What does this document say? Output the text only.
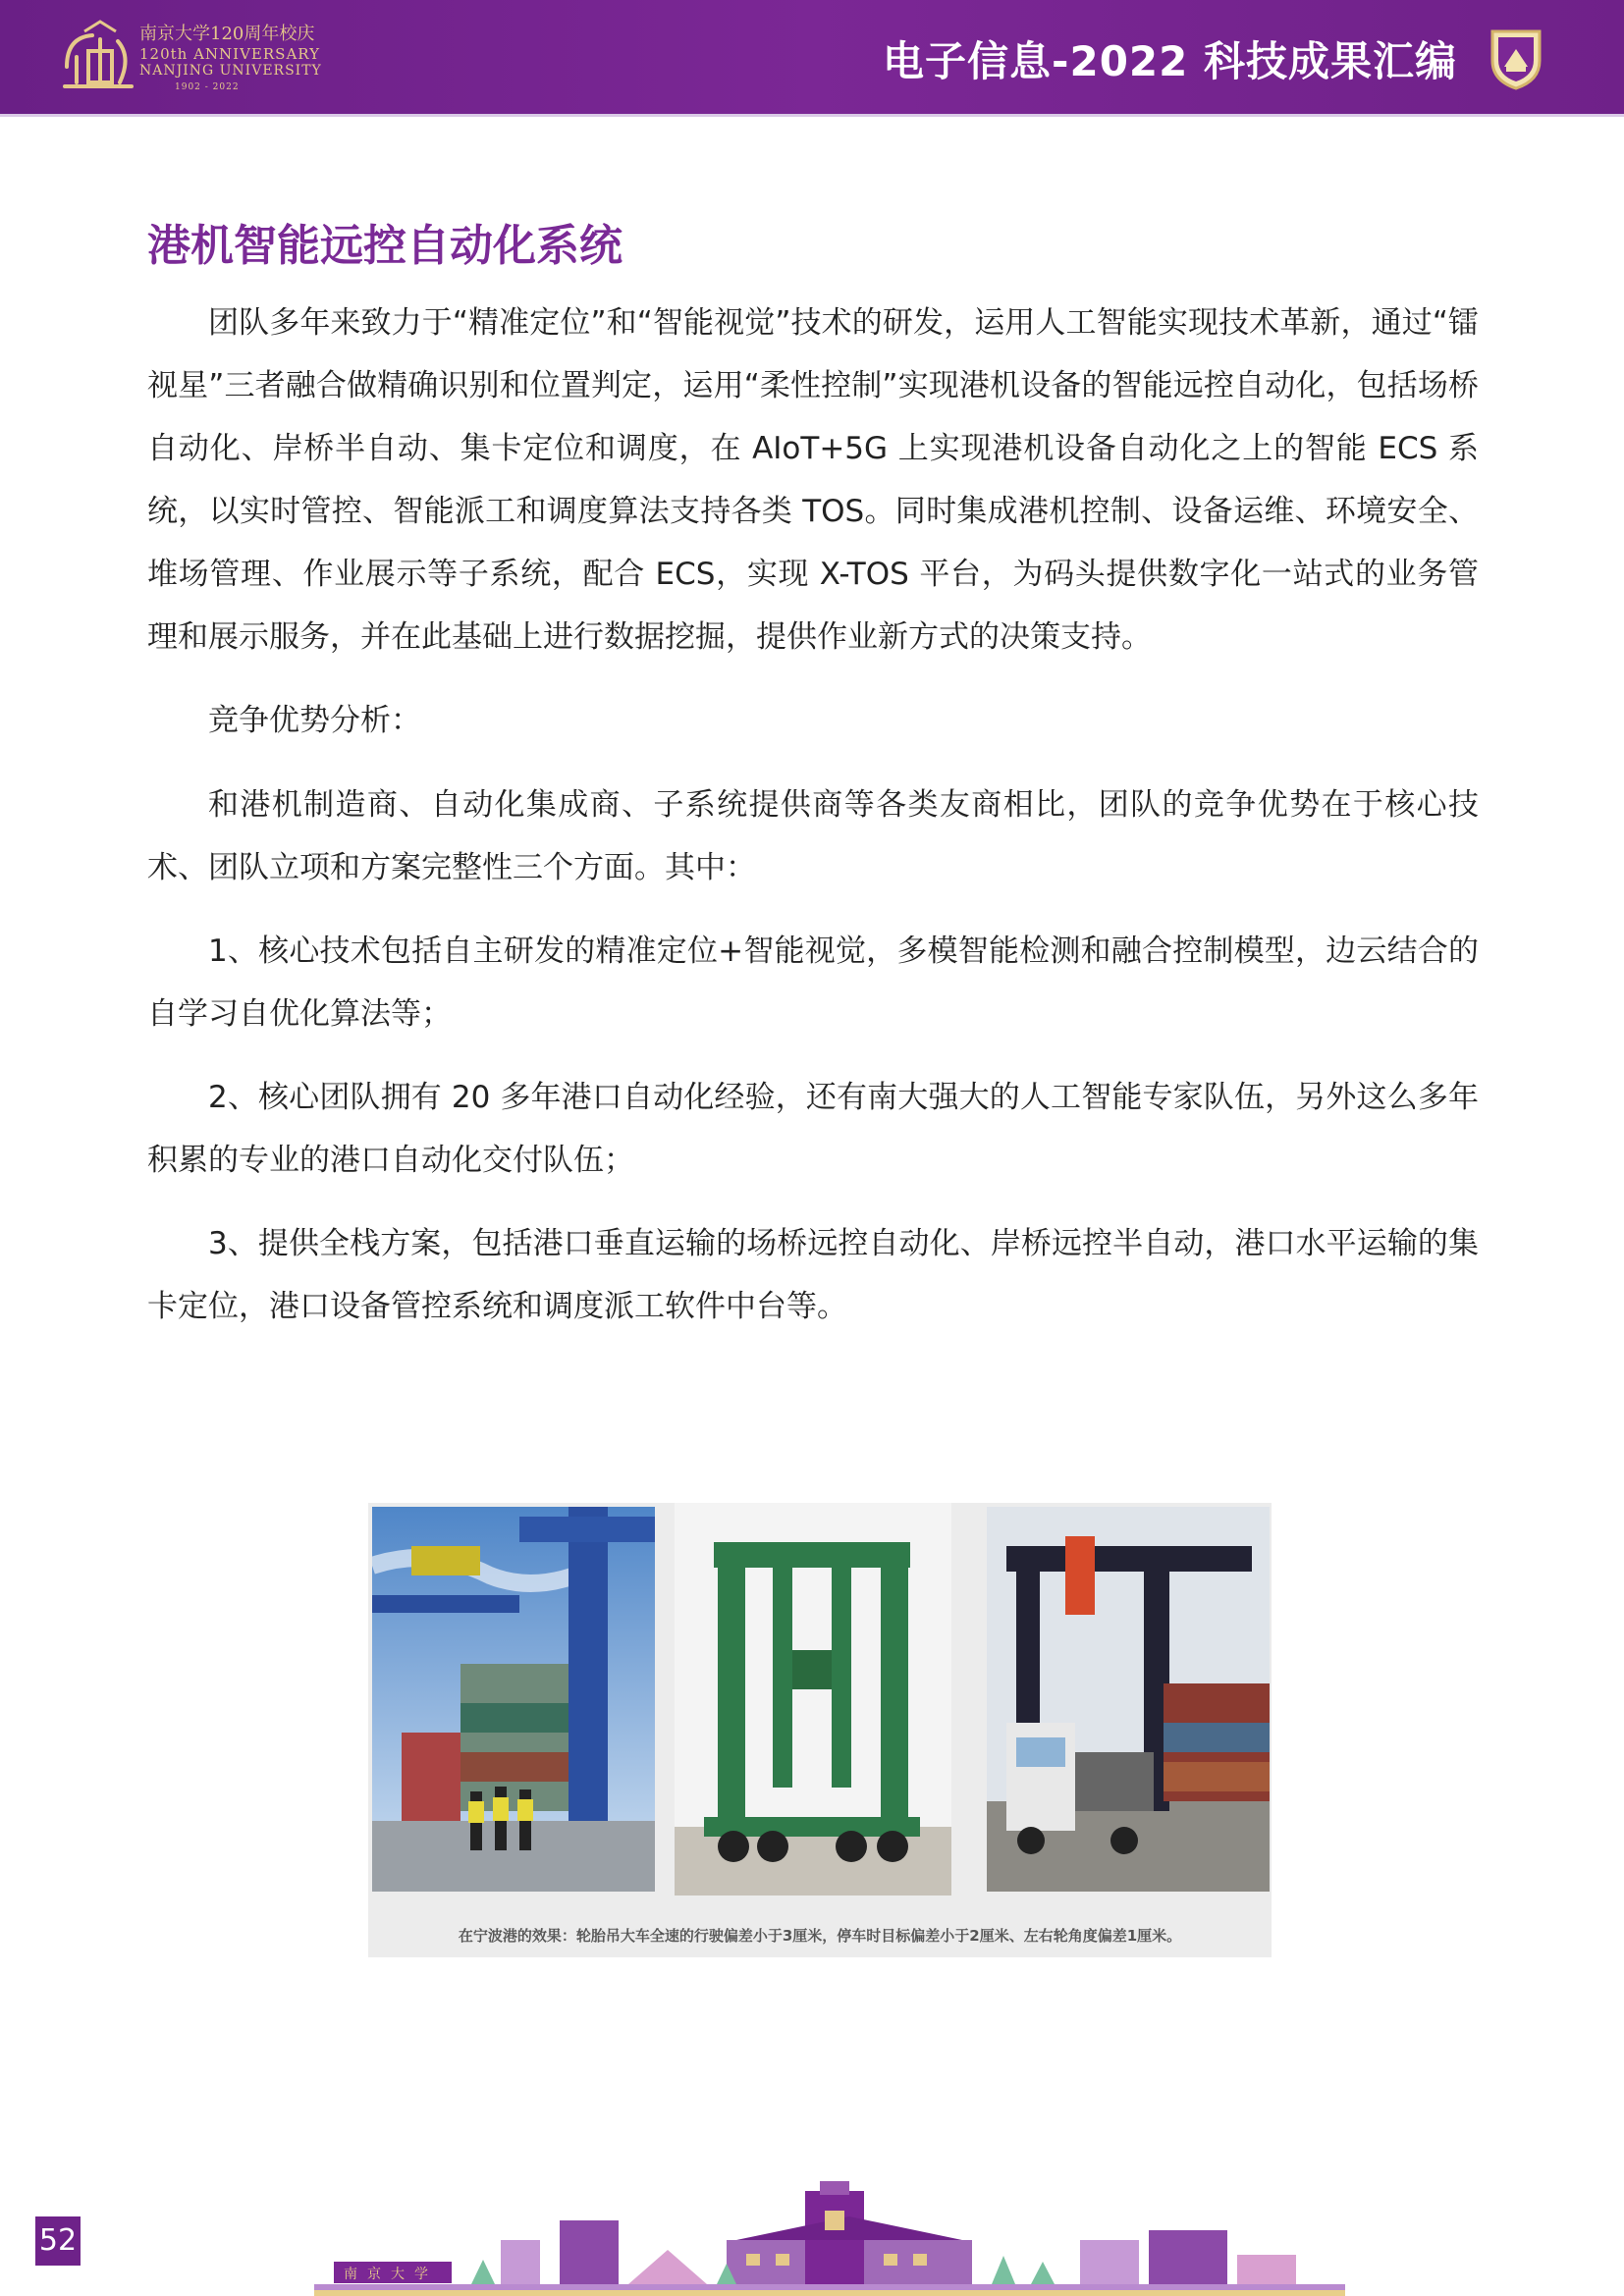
南京大学120周年校庆
120th ANNIVERSARY
NANJING UNIVERSITY
1902 - 2022
电子信息-2022 科技成果汇编
港机智能远控自动化系统

团队多年来致力于“精准定位”和“智能视觉”技术的研发，运用人工智能实现技术革新，通过“镭视星”三者融合做精确识别和位置判定，运用“柔性控制”实现港机设备的智能远控自动化，包括场桥自动化、岸桥半自动、集卡定位和调度，在 AIoT+5G 上实现港机设备自动化之上的智能 ECS 系统，以实时管控、智能派工和调度算法支持各类 TOS。同时集成港机控制、设备运维、环境安全、堆场管理、作业展示等子系统，配合 ECS，实现 X-TOS 平台，为码头提供数字化一站式的业务管理和展示服务，并在此基础上进行数据挖掘，提供作业新方式的决策支持。

竞争优势分析：

和港机制造商、自动化集成商、子系统提供商等各类友商相比，团队的竞争优势在于核心技术、团队立项和方案完整性三个方面。其中：

1、核心技术包括自主研发的精准定位+智能视觉，多模智能检测和融合控制模型，边云结合的自学习自优化算法等；

2、核心团队拥有 20 多年港口自动化经验，还有南大强大的人工智能专家队伍，另外这么多年积累的专业的港口自动化交付队伍；

3、提供全栈方案，包括港口垂直运输的场桥远控自动化、岸桥远控半自动，港口水平运输的集卡定位，港口设备管控系统和调度派工软件中台等。

在宁波港的效果：轮胎吊大车全速的行驶偏差小于3厘米，停车时目标偏差小于2厘米、左右轮角度偏差1厘米。
52
南京大学
